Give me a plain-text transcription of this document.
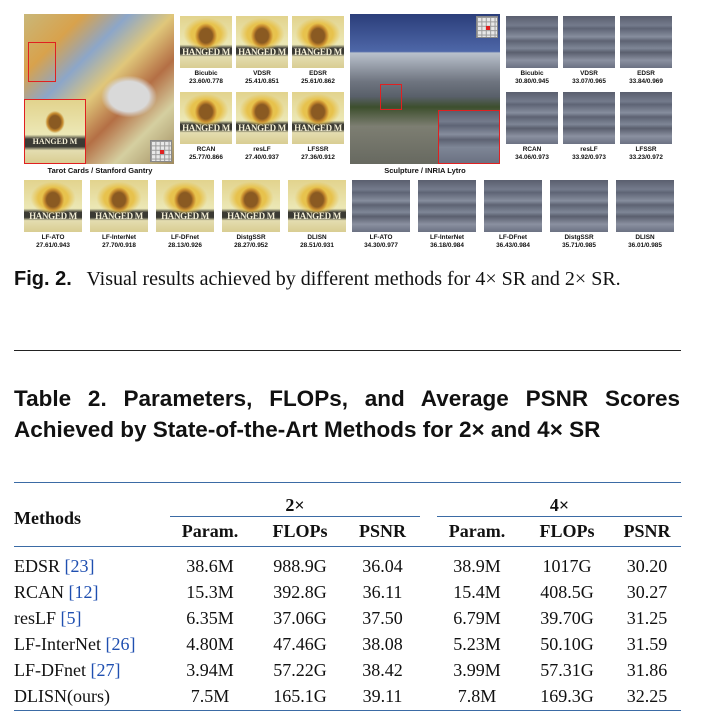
HANGED M
Tarot Cards / Stanford Gantry
HANGED M
Bicubic
23.60/0.778
HANGED M
VDSR
25.41/0.851
HANGED M
EDSR
25.61/0.862
HANGED M
RCAN
25.77/0.866
HANGED M
resLF
27.40/0.937
HANGED M
LFSSR
27.36/0.912
HANGED M
LF-ATO
27.61/0.943
HANGED M
LF-InterNet
27.70/0.918
HANGED M
LF-DFnet
28.13/0.926
HANGED M
DistgSSR
28.27/0.952
HANGED M
DLISN
28.51/0.931
Sculpture / INRIA Lytro
Bicubic
30.80/0.945
VDSR
33.07/0.965
EDSR
33.84/0.969
RCAN
34.06/0.973
resLF
33.92/0.973
LFSSR
33.23/0.972
LF-ATO
34.30/0.977
LF-InterNet
36.18/0.984
LF-DFnet
36.43/0.984
DistgSSR
35.71/0.985
DLISN
36.01/0.985
Fig. 2. Visual results achieved by different methods for 4× SR and 2× SR.
Table 2. Parameters, FLOPs, and Average PSNR Scores Achieved by State-of-the-Art Methods for 2× and 4× SR
Methods
2×	4×
Param.	FLOPs	PSNR	Param.	FLOPs	PSNR
EDSR [23]	38.6M	988.9G	36.04	38.9M	1017G	30.20
RCAN [12]	15.3M	392.8G	36.11	15.4M	408.5G	30.27
resLF [5]	6.35M	37.06G	37.50	6.79M	39.70G	31.25
LF-InterNet [26]	4.80M	47.46G	38.08	5.23M	50.10G	31.59
LF-DFnet [27]	3.94M	57.22G	38.42	3.99M	57.31G	31.86
DLISN(ours)	7.5M	165.1G	39.11	7.8M	169.3G	32.25
